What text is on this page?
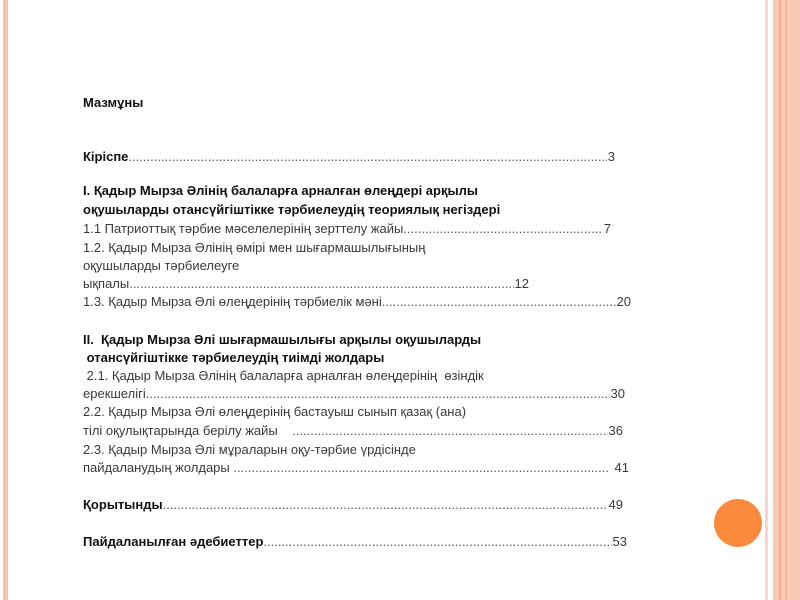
Мазмұны
Кіріспе .....	3
I. Қадыр Мырза Әлінің балаларға арналған өлеңдері арқылы
оқушыларды отансүйгіштікке тәрбиелеудің теориялық негіздері
1.1 Патриоттық тәрбие мәселелерінің зерттелу жайы .....	7
1.2. Қадыр Мырза Әлінің өмірі мен шығармашылығының
оқушыларды тәрбиелеуге
ықпалы .....	12
1.3. Қадыр Мырза Әлі өлеңдерінің тәрбиелік мәні .....	20
II.  Қадыр Мырза Әлі шығармашылығы арқылы оқушыларды
отансүйгіштікке тәрбиелеудің тиімді жолдары
2.1. Қадыр Мырза Әлінің балаларға арналған өлеңдерінің  өзіндік
ерекшелігі .....	30
2.2. Қадыр Мырза Әлі өлеңдерінің бастауыш сынып қазақ (ана)
тілі оқулықтарында берілу жайы .....	36
2.3. Қадыр Мырза Әлі мұраларын оқу-тәрбие үрдісінде
пайдаланудың жолдары .....	41
Қорытынды .....	49
Пайдаланылған әдебиеттер .....	53
